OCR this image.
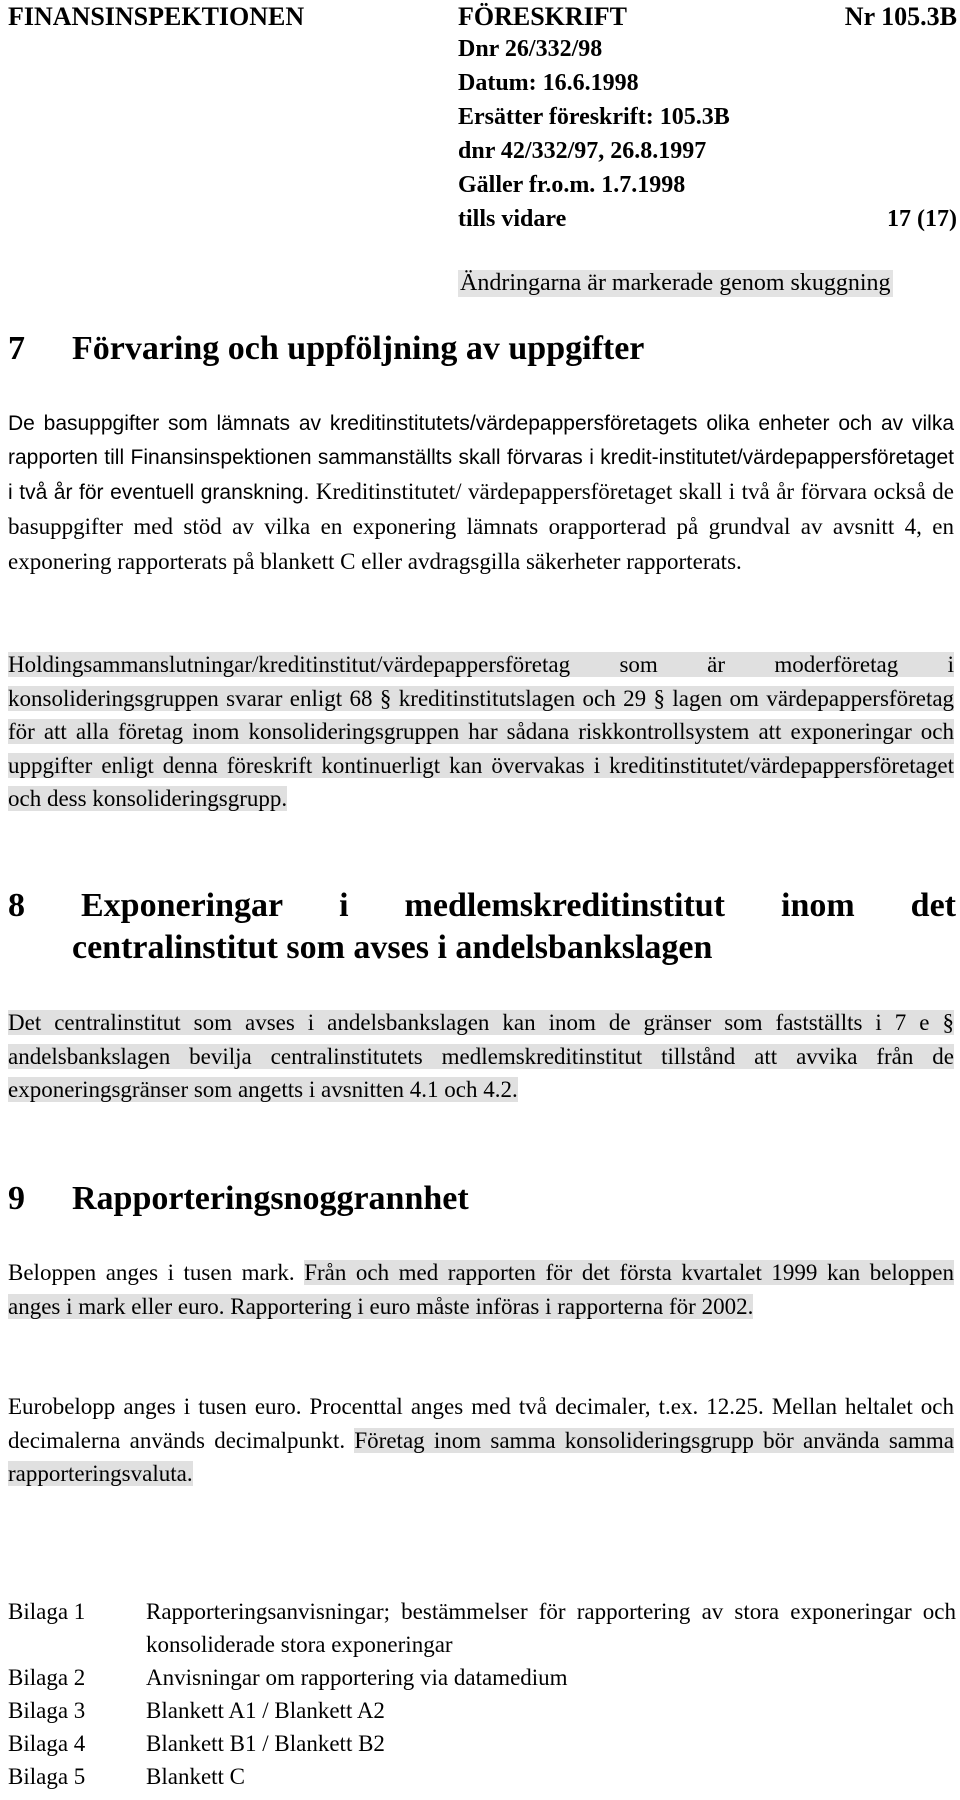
FINANSINSPEKTIONEN	FÖRESKRIFT	Nr 105.3B
Dnr 26/332/98
Datum: 16.6.1998
Ersätter föreskrift: 105.3B
dnr 42/332/97, 26.8.1997
Gäller fr.o.m. 1.7.1998
tills vidare	17 (17)
Ändringarna är markerade genom skuggning
7 Förvaring och uppföljning av uppgifter
De basuppgifter som lämnats av kreditinstitutets/värdepappersföretagets olika enheter och av vilka rapporten till Finansinspektionen sammanställts skall förvaras i kredit-institutet/värdepappersföretaget i två år för eventuell granskning. Kreditinstitutet/ värdepappersföretaget skall i två år förvara också de basuppgifter med stöd av vilka en exponering lämnats orapporterad på grundval av avsnitt 4, en exponering rapporterats på blankett C eller avdragsgilla säkerheter rapporterats.
Holdingsammanslutningar/kreditinstitut/värdepappersföretag som är moderföretag i konsolideringsgruppen svarar enligt 68 § kreditinstitutslagen och 29 § lagen om värdepappersföretag för att alla företag inom konsolideringsgruppen har sådana riskkontrollsystem att exponeringar och uppgifter enligt denna föreskrift kontinuerligt kan övervakas i kreditinstitutet/värdepappersföretaget och dess konsolideringsgrupp.
8 Exponeringar i medlemskreditinstitut inom det
centralinstitut som avses i andelsbankslagen
Det centralinstitut som avses i andelsbankslagen kan inom de gränser som fastställts i 7 e § andelsbankslagen bevilja centralinstitutets medlemskreditinstitut tillstånd att avvika från de exponeringsgränser som angetts i avsnitten 4.1 och 4.2.
9 Rapporteringsnoggrannhet
Beloppen anges i tusen mark. Från och med rapporten för det första kvartalet 1999 kan beloppen anges i mark eller euro. Rapportering i euro måste införas i rapporterna för 2002.
Eurobelopp anges i tusen euro. Procenttal anges med två decimaler, t.ex. 12.25. Mellan heltalet och decimalerna används decimalpunkt. Företag inom samma konsolideringsgrupp bör använda samma rapporteringsvaluta.
Bilaga 1	Rapporteringsanvisningar; bestämmelser för rapportering av stora exponeringar och konsoliderade stora exponeringar
Bilaga 2	Anvisningar om rapportering via datamedium
Bilaga 3	Blankett A1 / Blankett A2
Bilaga 4	Blankett B1 / Blankett B2
Bilaga 5	Blankett C
